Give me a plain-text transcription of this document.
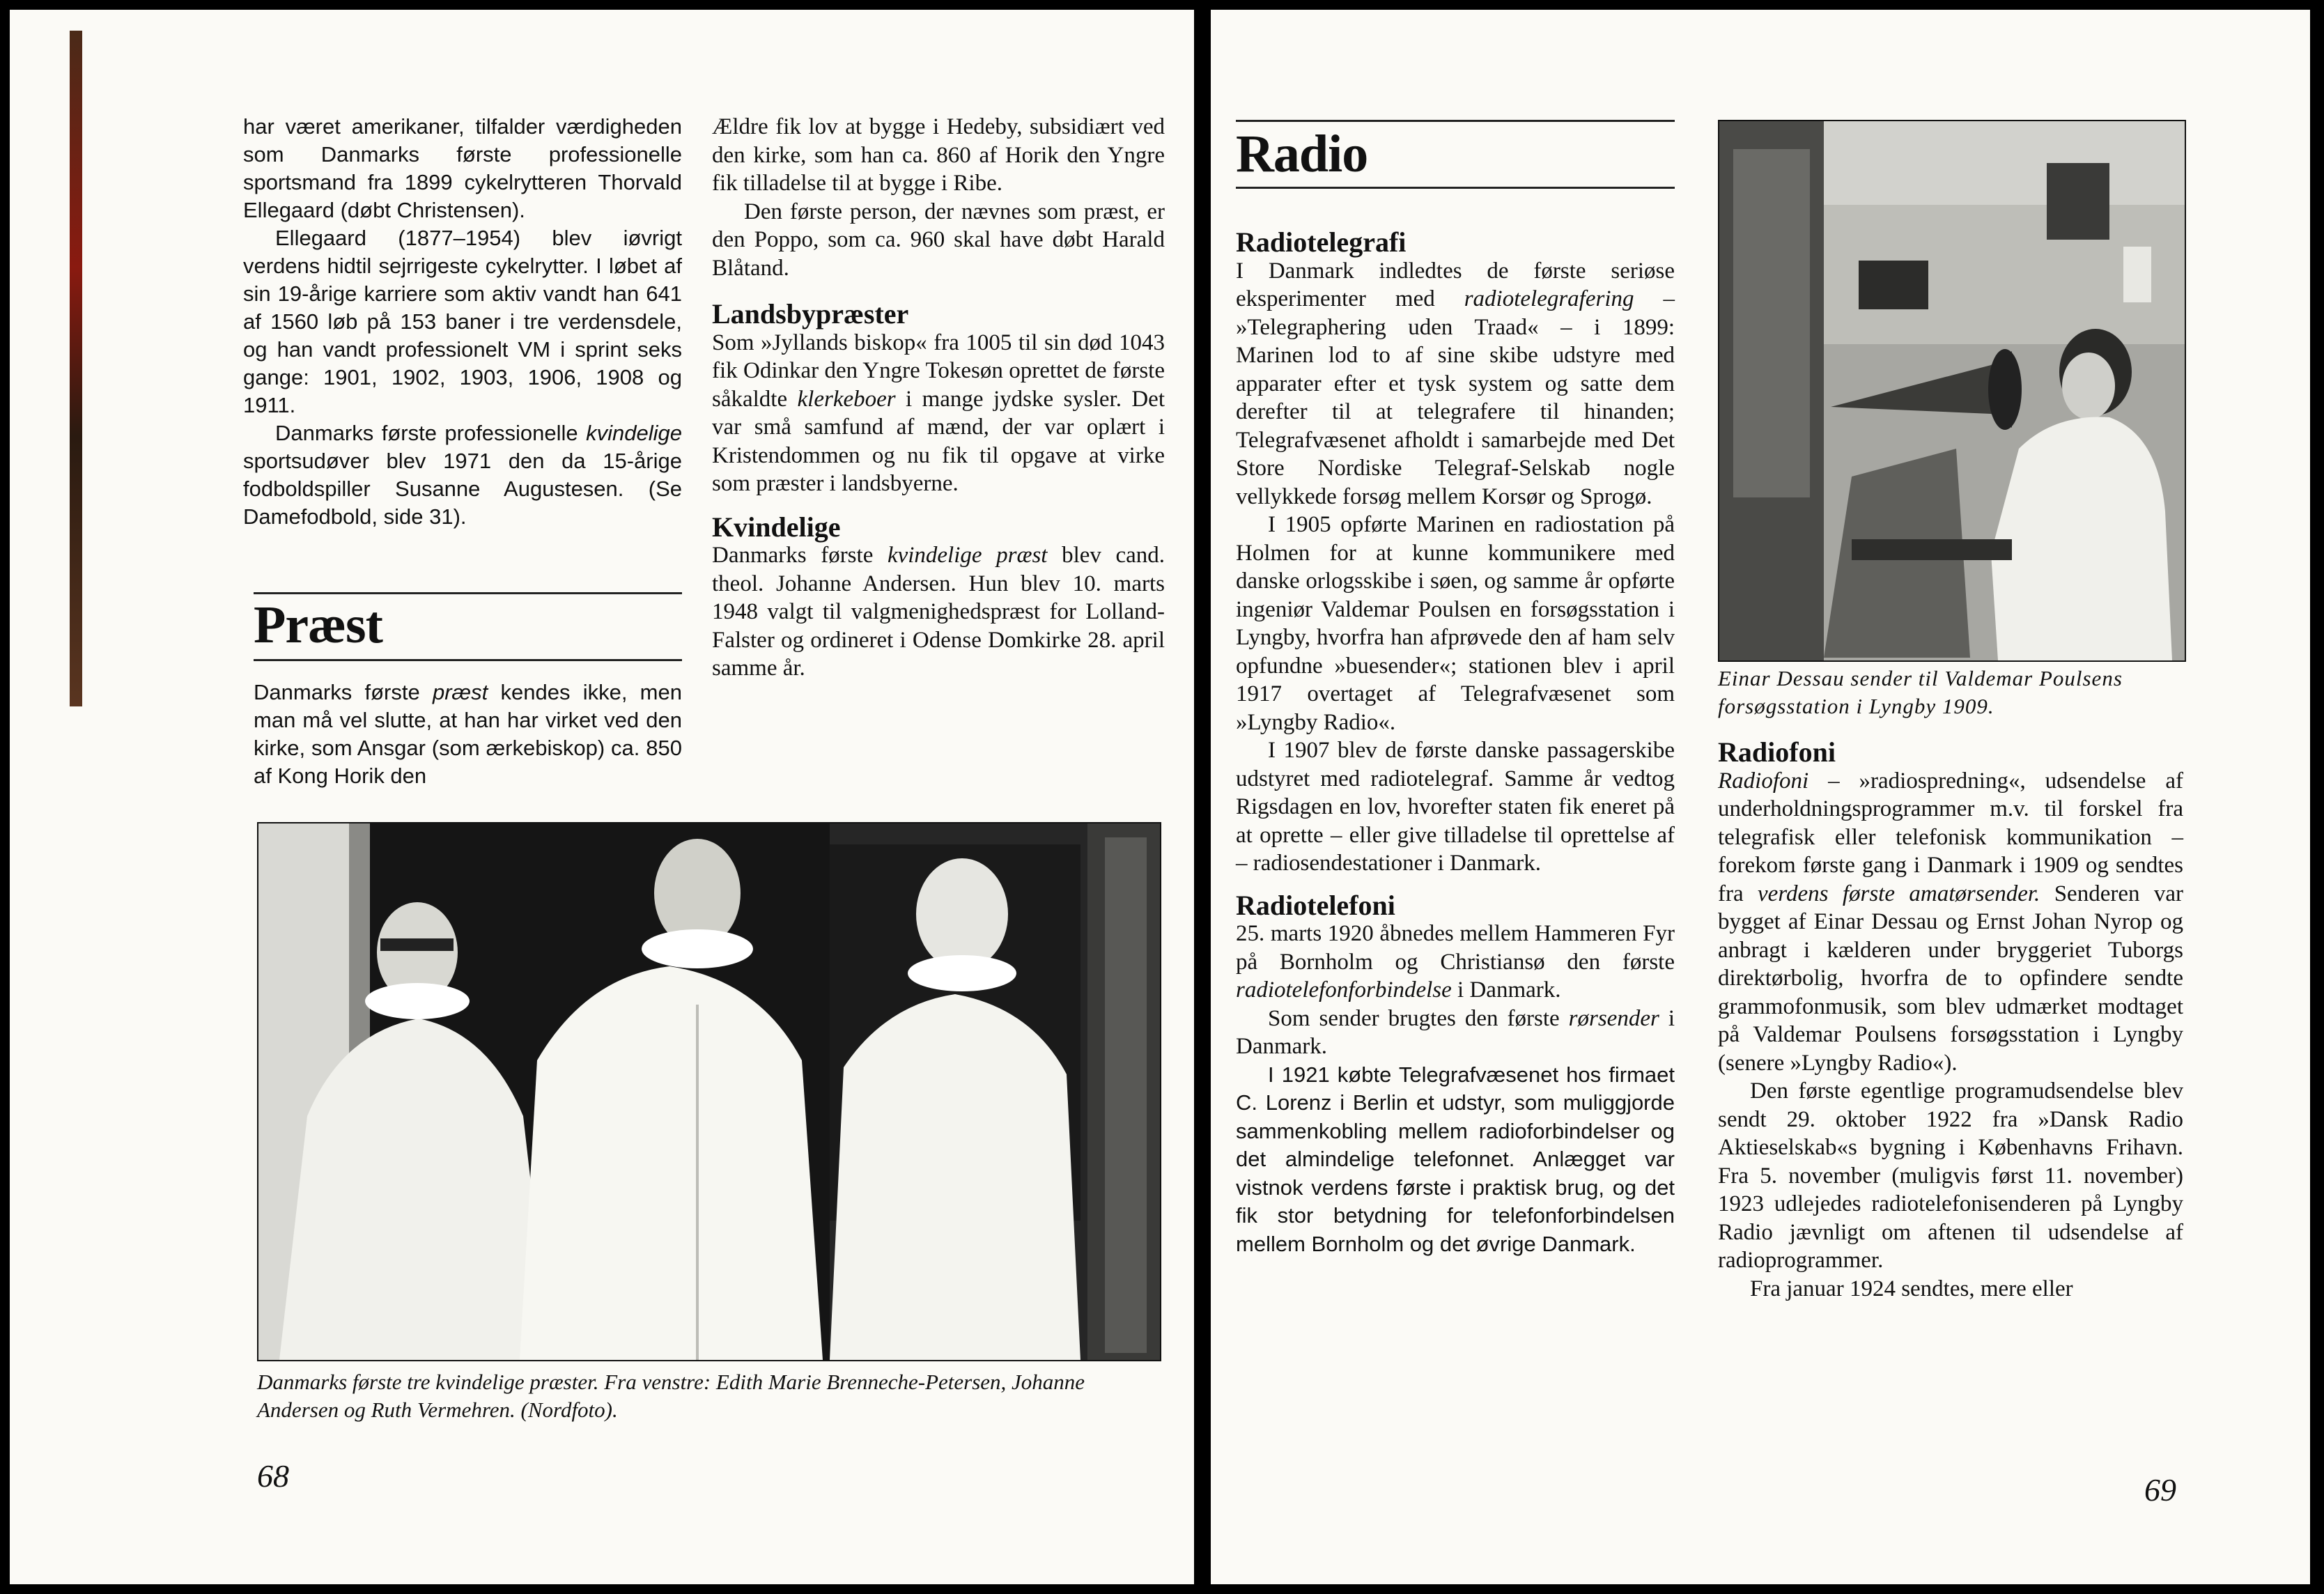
har været amerikaner, tilfalder værdigheden som Danmarks første professionelle sportsmand fra 1899 cykelrytteren Thorvald Ellegaard (døbt Christensen).

Ellegaard (1877–1954) blev iøvrigt verdens hidtil sejrrigeste cykelrytter. I løbet af sin 19-årige karriere som aktiv vandt han 641 af 1560 løb på 153 baner i tre verdensdele, og han vandt professionelt VM i sprint seks gange: 1901, 1902, 1903, 1906, 1908 og 1911.

Danmarks første professionelle kvindelige sportsudøver blev 1971 den da 15-årige fodboldspiller Susanne Augustesen. (Se Damefodbold, side 31).

Præst

Danmarks første præst kendes ikke, men man må vel slutte, at han har virket ved den kirke, som Ansgar (som ærkebiskop) ca. 850 af Kong Horik den

Ældre fik lov at bygge i Hedeby, subsidiært ved den kirke, som han ca. 860 af Horik den Yngre fik tilladelse til at bygge i Ribe.

Den første person, der nævnes som præst, er den Poppo, som ca. 960 skal have døbt Harald Blåtand.

Landsbypræster

Som »Jyllands biskop« fra 1005 til sin død 1043 fik Odinkar den Yngre Tokesøn oprettet de første såkaldte klerkeboer i mange jydske sysler. Det var små samfund af mænd, der var oplært i Kristendommen og nu fik til opgave at virke som præster i landsbyerne.

Kvindelige

Danmarks første kvindelige præst blev cand. theol. Johanne Andersen. Hun blev 10. marts 1948 valgt til valgmenighedspræst for Lolland-Falster og ordineret i Odense Domkirke 28. april samme år.

Danmarks første tre kvindelige præster. Fra venstre: Edith Marie Brenneche-Petersen, Johanne Andersen og Ruth Vermehren. (Nordfoto).
68
Radio
Radiotelegrafi

I Danmark indledtes de første seriøse eksperimenter med radiotelegrafering – »Telegraphering uden Traad« – i 1899: Marinen lod to af sine skibe udstyre med apparater efter et tysk system og satte dem derefter til at telegrafere til hinanden; Telegrafvæsenet afholdt i samarbejde med Det Store Nordiske Telegraf-Selskab nogle vellykkede forsøg mellem Korsør og Sprogø.

I 1905 opførte Marinen en radiostation på Holmen for at kunne kommunikere med danske orlogsskibe i søen, og samme år opførte ingeniør Valdemar Poulsen en forsøgsstation i Lyngby, hvorfra han afprøvede den af ham selv opfundne »buesender«; stationen blev i april 1917 overtaget af Telegrafvæsenet som »Lyngby Radio«.

I 1907 blev de første danske passagerskibe udstyret med radiotelegraf. Samme år vedtog Rigsdagen en lov, hvorefter staten fik eneret på at oprette – eller give tilladelse til oprettelse af – radiosendestationer i Danmark.

Radiotelefoni

25. marts 1920 åbnedes mellem Hammeren Fyr på Bornholm og Christiansø den første radiotelefonforbindelse i Danmark.

Som sender brugtes den første rørsender i Danmark.

I 1921 købte Telegrafvæsenet hos firmaet C. Lorenz i Berlin et udstyr, som muliggjorde sammenkobling mellem radioforbindelser og det almindelige telefonnet. Anlægget var vistnok verdens første i praktisk brug, og det fik stor betydning for telefonforbindelsen mellem Bornholm og det øvrige Danmark.

Einar Dessau sender til Valdemar Poulsens forsøgsstation i Lyngby 1909.
Radiofoni

Radiofoni – »radiospredning«, udsendelse af underholdningsprogrammer m.v. til forskel fra telegrafisk eller telefonisk kommunikation – forekom første gang i Danmark i 1909 og sendtes fra verdens første amatørsender. Senderen var bygget af Einar Dessau og Ernst Johan Nyrop og anbragt i kælderen under bryggeriet Tuborgs direktørbolig, hvorfra de to opfindere sendte grammofonmusik, som blev udmærket modtaget på Valdemar Poulsens forsøgsstation i Lyngby (senere »Lyngby Radio«).

Den første egentlige programudsendelse blev sendt 29. oktober 1922 fra »Dansk Radio Aktieselskab«s bygning i Københavns Frihavn. Fra 5. november (muligvis først 11. november) 1923 udlejedes radiotelefonisenderen på Lyngby Radio jævnligt om aftenen til udsendelse af radioprogrammer.

Fra januar 1924 sendtes, mere eller

69
